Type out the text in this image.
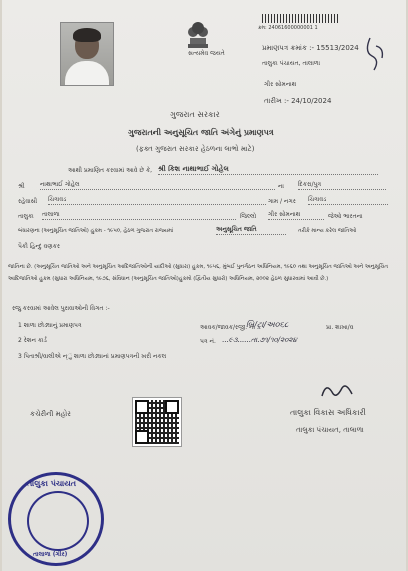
સત્યમેવ જયતે
ક્રમ: 24061600000001 1
પ્રમાણપત્ર ક્રમાંક :- 15513/2024
તાલુકા પંચાયત, તાલાળા
ગીર સોમનાથ
તારીખ :- 24/10/2024
ગુજરાત સરકાર
ગુજરાતની અનુસૂચિત જાતિ અંગેનું પ્રમાણપત્ર
(ફક્ત ગુજરાત સરકાર હેઠળના લાભો માટે)
આથી પ્રમાણિત કરવામાં આવે છે કે, શ્રી કિશ નાથાભાઈ ગોહેલ
શ્રી	નાથાભાઈ ગોહેલ	ના દિકરા/પુત્ર
રહેવાસી ચિત્રાવડ	ગામ / નગર ચિત્રાવડ
તાલુકા તાલાળા	જિલ્લો ગીર સોમનાથ	જેઓ ભારતના
બંધારણના (અનુસૂચિત જાતિઓ) હુકમ - ૧૯૫૦, હેઠળ ગુજરાત રાજ્યમાં	અનુસૂચિત જાતિ	તરીકે માન્ય કરેલ જાતિઓ
પૈકી હિન્દુ વણકર
જાતિના છે. (અનુસૂચિત જાતિઓ અને અનુસૂચિત આદિજાતિઓની યાદીઓ (સુધારા) હુકમ, ૧૯૫૬, મુંબઈ પુનર્ગઠન અધિનિયમ, ૧૯૬૦ તથા અનુસૂચિત જાતિઓ અને અનુસૂચિત આદિજાતિઓ હુકમ (સુધારા અધિનિયમ, ૧૯૭૬, સંવિધાન (અનુસૂચિત જાતિઓ)હુકમો (દ્વિતીય સુધારો) અધિનિયમ, ૨૦૦૨ હેઠળ સુધારવામાં આવી છે.)
રજુ કરવામાં આવેલ પુરાવાઓની વિગત :-
1 શાળા છોડ્યાનું પ્રમાણપત્ર
2 રેશન કાર્ડ
3 પિતાશ્રી/વાલીએ ન્ું શાળા છોડ્યાનાં પ્રમાણપત્રની ખરી નકલ
આવક/જાવક/રજી. નં.
બિ/ટ્રા/અ૦૬૮	પ્રા. શાખા/વ
પત્ર નં. ...૯૩......તા.૭૧/૧૦/૨૦૨૪
કચેરીની મહોર	તાલુકા વિકાસ અધિકારી
તાલુકા પંચાયત, તાલાળા
તાલુકા પંચાયત
તાલાળા (ગીર)
